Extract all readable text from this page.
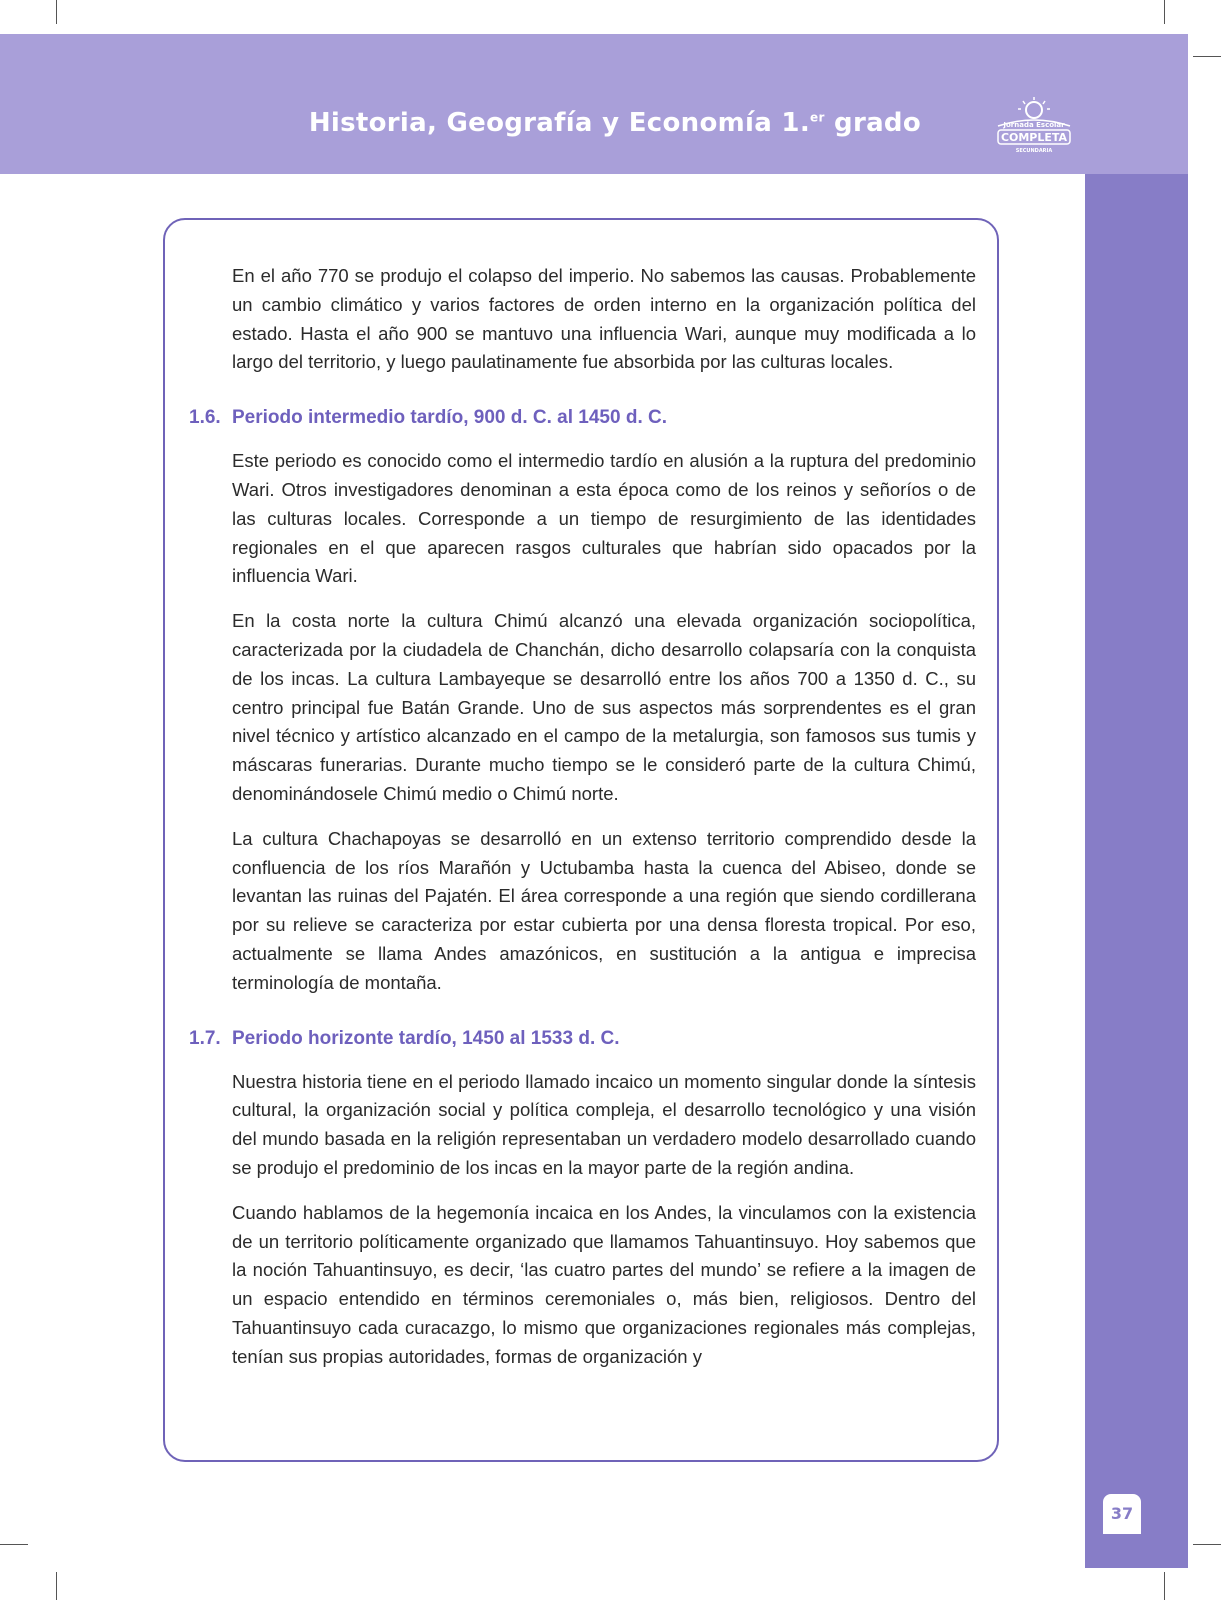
Historia, Geografía y Economía 1.$^{er}$ grado	Jornada Escolar
COMPLETA
SECUNDARIA
37

En el año 770 se produjo el colapso del imperio. No sabemos las causas. Probablemente un cambio climático y varios factores de orden interno en la organización política del estado. Hasta el año 900 se mantuvo una influencia Wari, aunque muy modificada a lo largo del territorio, y luego paulatinamente fue absorbida por las culturas locales.

1.6. Periodo intermedio tardío, 900 d. C. al 1450 d. C.

Este periodo es conocido como el intermedio tardío en alusión a la ruptura del predominio Wari. Otros investigadores denominan a esta época como de los reinos y señoríos o de las culturas locales. Corresponde a un tiempo de resurgimiento de las identidades regionales en el que aparecen rasgos culturales que habrían sido opacados por la influencia Wari.

En la costa norte la cultura Chimú alcanzó una elevada organización sociopolítica, caracterizada por la ciudadela de Chanchán, dicho desarrollo colapsaría con la conquista de los incas. La cultura Lambayeque se desarrolló entre los años 700 a 1350 d. C., su centro principal fue Batán Grande. Uno de sus aspectos más sorprendentes es el gran nivel técnico y artístico alcanzado en el campo de la metalurgia, son famosos sus tumis y máscaras funerarias. Durante mucho tiempo se le consideró parte de la cultura Chimú, denominándosele Chimú medio o Chimú norte.

La cultura Chachapoyas se desarrolló en un extenso territorio comprendido desde la confluencia de los ríos Marañón y Uctubamba hasta la cuenca del Abiseo, donde se levantan las ruinas del Pajatén. El área corresponde a una región que siendo cordillerana por su relieve se caracteriza por estar cubierta por una densa floresta tropical. Por eso, actualmente se llama Andes amazónicos, en sustitución a la antigua e imprecisa terminología de montaña.

1.7. Periodo horizonte tardío, 1450 al 1533 d. C.

Nuestra historia tiene en el periodo llamado incaico un momento singular donde la síntesis cultural, la organización social y política compleja, el desarrollo tecnológico y una visión del mundo basada en la religión representaban un verdadero modelo desarrollado cuando se produjo el predominio de los incas en la mayor parte de la región andina.

Cuando hablamos de la hegemonía incaica en los Andes, la vinculamos con la existencia de un territorio políticamente organizado que llamamos Tahuantinsuyo. Hoy sabemos que la noción Tahuantinsuyo, es decir, ‘las cuatro partes del mundo’ se refiere a la imagen de un espacio entendido en términos ceremoniales o, más bien, religiosos. Dentro del Tahuantinsuyo cada curacazgo, lo mismo que organizaciones regionales más complejas, tenían sus propias autoridades, formas de organización y
